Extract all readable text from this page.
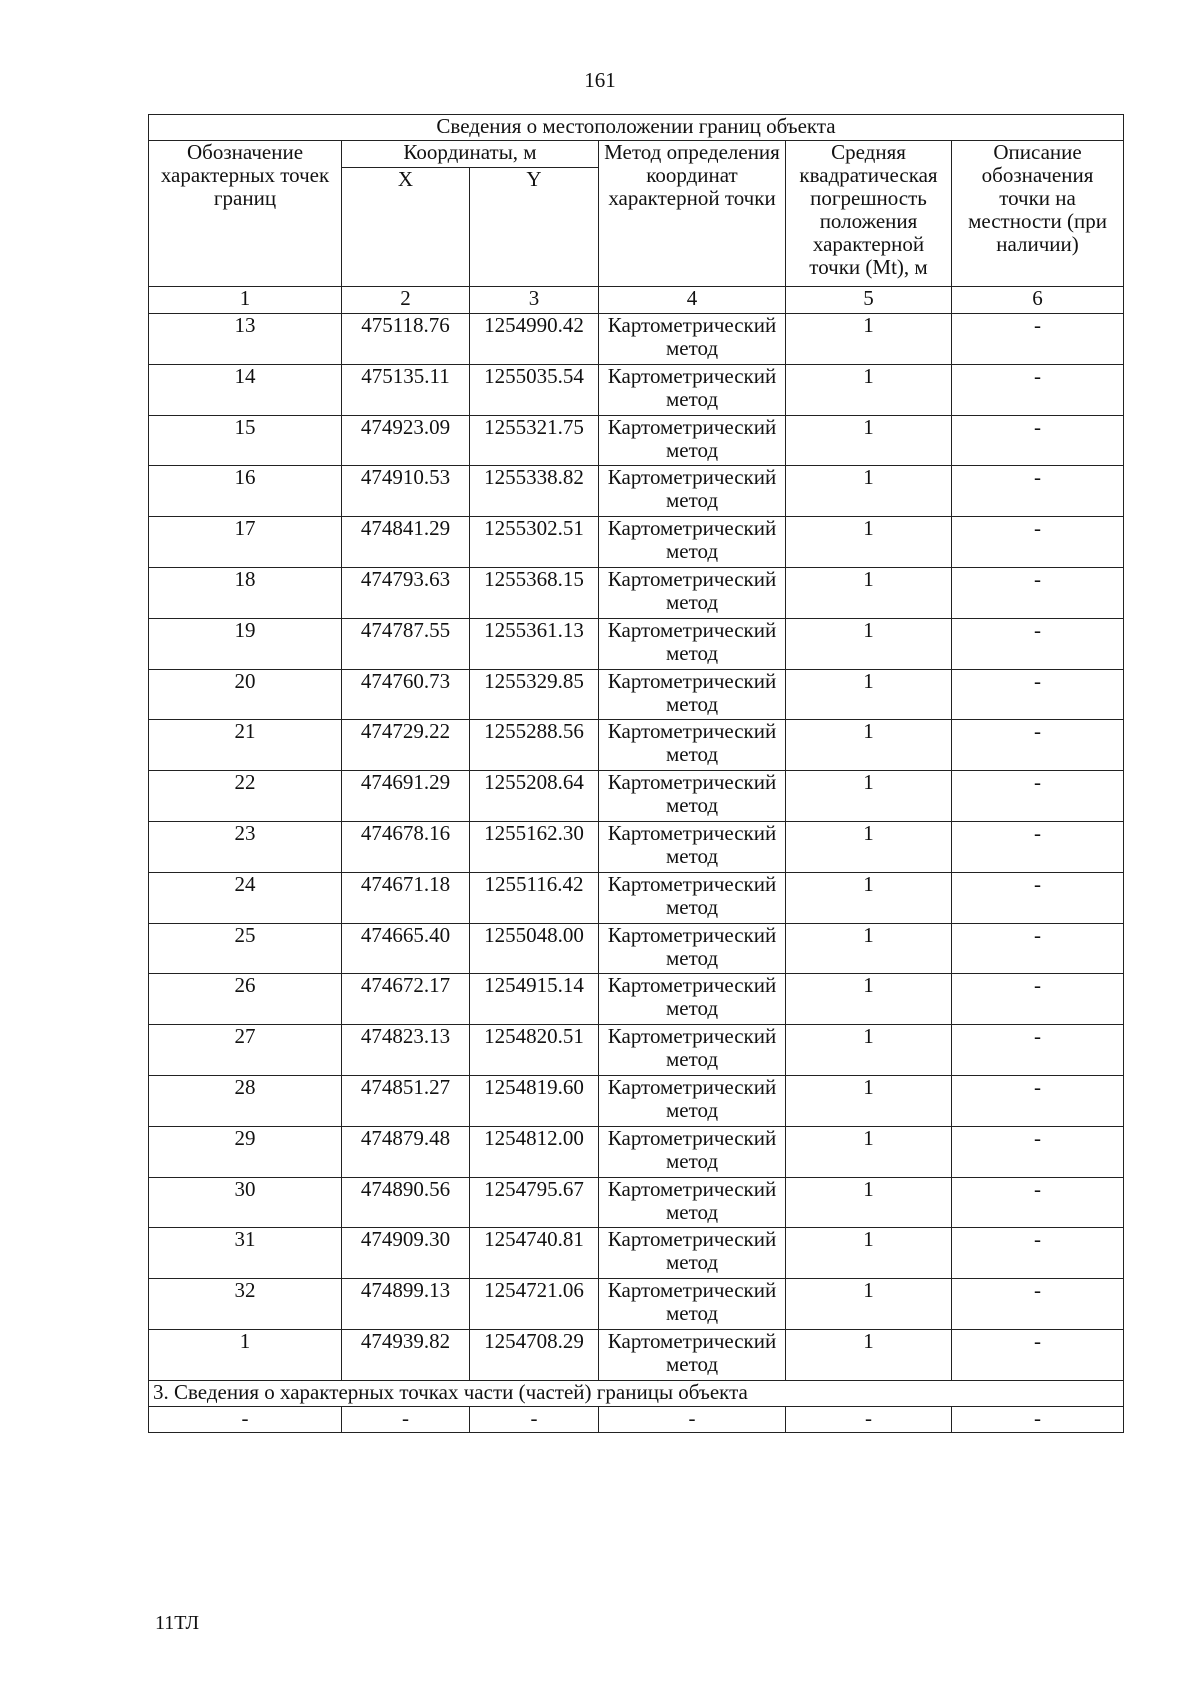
161
Сведения о местоположении границ объекта					
Обозначение характерных точек границ	Координаты, м		Метод определения координат характерной точки	Средняя квадратическая погрешность положения характерной точки (Mt), м	Описание обозначения точки на местности (при наличии)
	X	Y			
1	2	3	4	5	6
13	475118.76	1254990.42	Картометрический метод	1	-
14	475135.11	1255035.54	Картометрический метод	1	-
15	474923.09	1255321.75	Картометрический метод	1	-
16	474910.53	1255338.82	Картометрический метод	1	-
17	474841.29	1255302.51	Картометрический метод	1	-
18	474793.63	1255368.15	Картометрический метод	1	-
19	474787.55	1255361.13	Картометрический метод	1	-
20	474760.73	1255329.85	Картометрический метод	1	-
21	474729.22	1255288.56	Картометрический метод	1	-
22	474691.29	1255208.64	Картометрический метод	1	-
23	474678.16	1255162.30	Картометрический метод	1	-
24	474671.18	1255116.42	Картометрический метод	1	-
25	474665.40	1255048.00	Картометрический метод	1	-
26	474672.17	1254915.14	Картометрический метод	1	-
27	474823.13	1254820.51	Картометрический метод	1	-
28	474851.27	1254819.60	Картометрический метод	1	-
29	474879.48	1254812.00	Картометрический метод	1	-
30	474890.56	1254795.67	Картометрический метод	1	-
31	474909.30	1254740.81	Картометрический метод	1	-
32	474899.13	1254721.06	Картометрический метод	1	-
1	474939.82	1254708.29	Картометрический метод	1	-
3. Сведения о характерных точках части (частей) границы объекта					
-	-	-	-	-	-
11ТЛ
